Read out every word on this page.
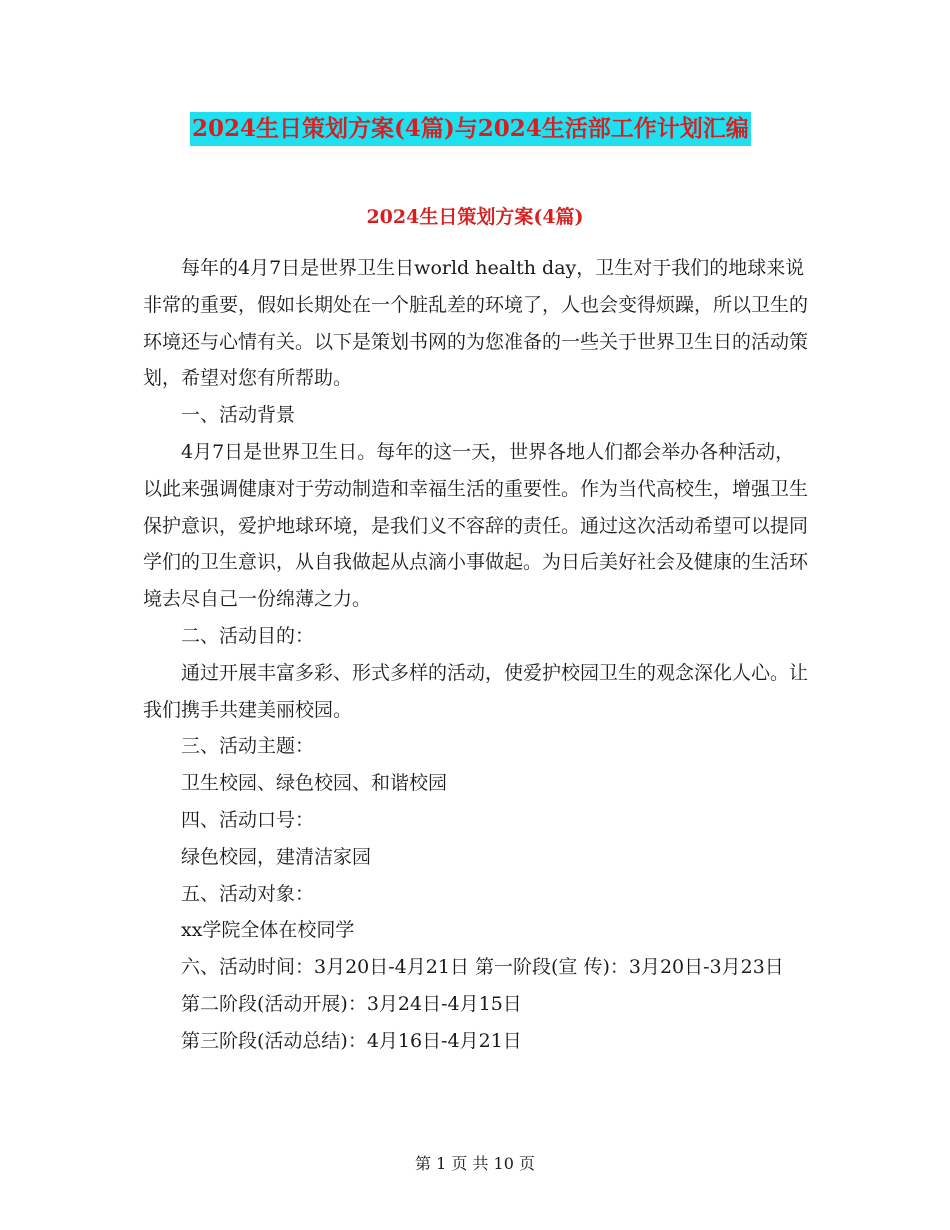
2024生日策划方案(4篇)与2024生活部工作计划汇编
2024生日策划方案(4篇)

每年的4月7日是世界卫生日world health day，卫生对于我们的地球来说非常的重要，假如长期处在一个脏乱差的环境了，人也会变得烦躁，所以卫生的环境还与心情有关。以下是策划书网的为您准备的一些关于世界卫生日的活动策划，希望对您有所帮助。

一、活动背景

4月7日是世界卫生日。每年的这一天，世界各地人们都会举办各种活动，以此来强调健康对于劳动制造和幸福生活的重要性。作为当代高校生，增强卫生保护意识，爱护地球环境，是我们义不容辞的责任。通过这次活动希望可以提同学们的卫生意识，从自我做起从点滴小事做起。为日后美好社会及健康的生活环境去尽自己一份绵薄之力。

二、活动目的：

通过开展丰富多彩、形式多样的活动，使爱护校园卫生的观念深化人心。让我们携手共建美丽校园。

三、活动主题：

卫生校园、绿色校园、和谐校园

四、活动口号：

绿色校园，建清洁家园

五、活动对象：

xx学院全体在校同学

六、活动时间：3月20日-4月21日 第一阶段(宣 传)：3月20日-3月23日

第二阶段(活动开展)：3月24日-4月15日

第三阶段(活动总结)：4月16日-4月21日

第 1 页 共 10 页
